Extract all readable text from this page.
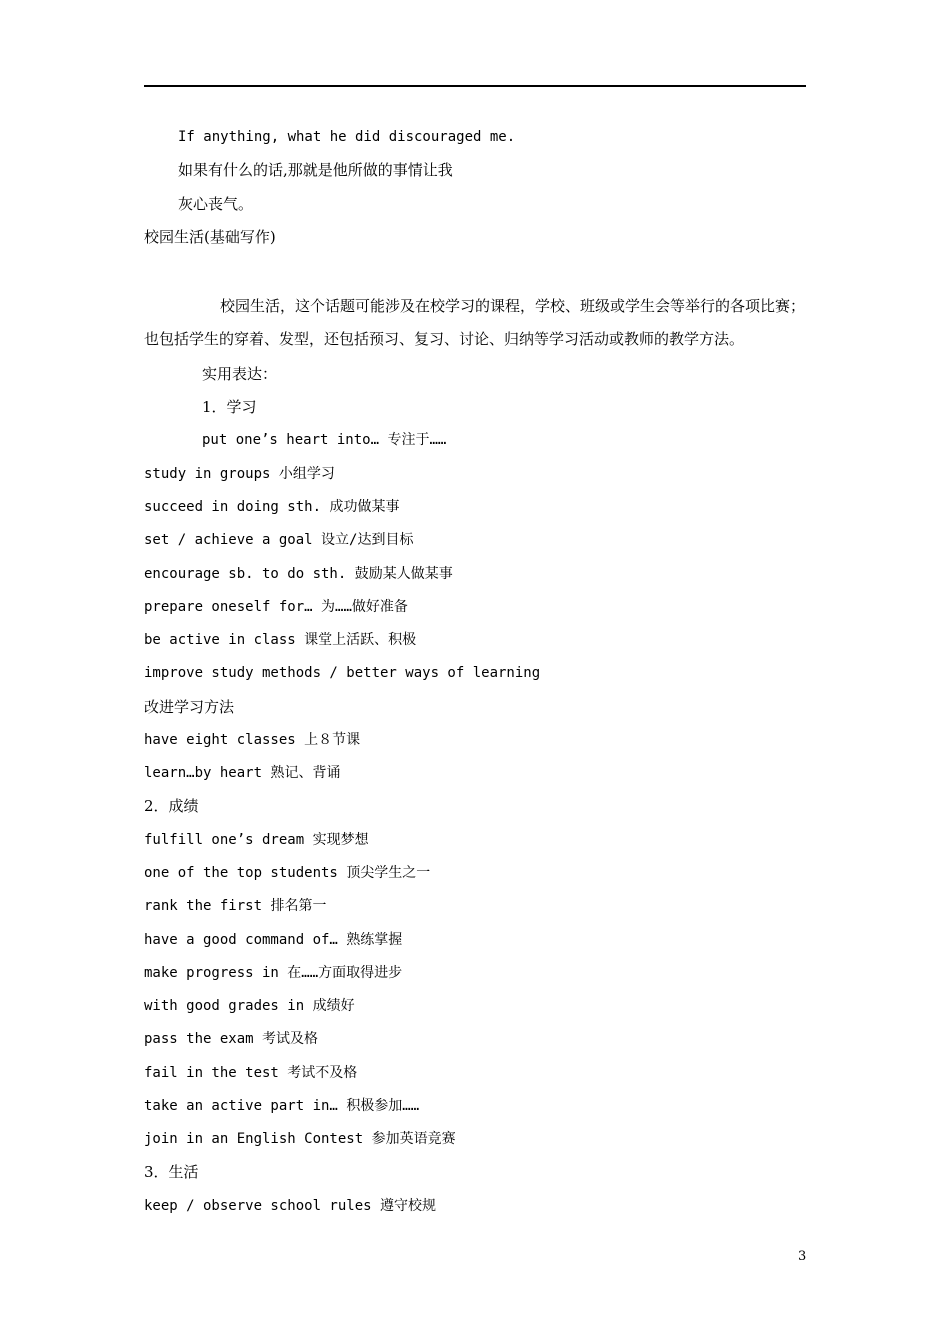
If anything, what he did discouraged me.
如果有什么的话,那就是他所做的事情让我
灰心丧气。
校园生活(基础写作)
校园生活，这个话题可能涉及在校学习的课程，学校、班级或学生会等举行的各项比赛；也包括学生的穿着、发型，还包括预习、复习、讨论、归纳等学习活动或教师的教学方法。
实用表达：
1．学习
put one’s heart into… 专注于……
study in groups 小组学习
succeed in doing sth. 成功做某事
set / achieve a goal 设立/达到目标
encourage sb. to do sth. 鼓励某人做某事
prepare oneself for… 为……做好准备
be active in class 课堂上活跃、积极
improve study methods / better ways of learning
改进学习方法
have eight classes 上８节课
learn…by heart 熟记、背诵
2．成绩
fulfill one’s dream 实现梦想
one of the top students 顶尖学生之一
rank the first 排名第一
have a good command of… 熟练掌握
make progress in 在……方面取得进步
with good grades in 成绩好
pass the exam 考试及格
fail in the test 考试不及格
take an active part in… 积极参加……
join in an English Contest 参加英语竞赛
3．生活
keep / observe school rules 遵守校规
3
